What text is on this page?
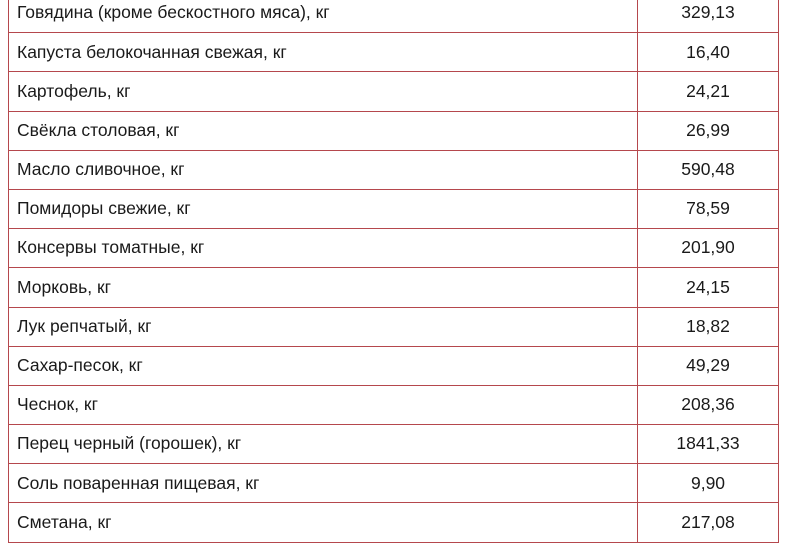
Говядина (кроме бескостного мяса), кг	329,13
Капуста белокочанная свежая, кг	16,40
Картофель, кг	24,21
Свёкла столовая, кг	26,99
Масло сливочное, кг	590,48
Помидоры свежие, кг	78,59
Консервы томатные, кг	201,90
Морковь, кг	24,15
Лук репчатый, кг	18,82
Сахар-песок, кг	49,29
Чеснок, кг	208,36
Перец черный (горошек), кг	1841,33
Соль поваренная пищевая, кг	9,90
Сметана, кг	217,08
